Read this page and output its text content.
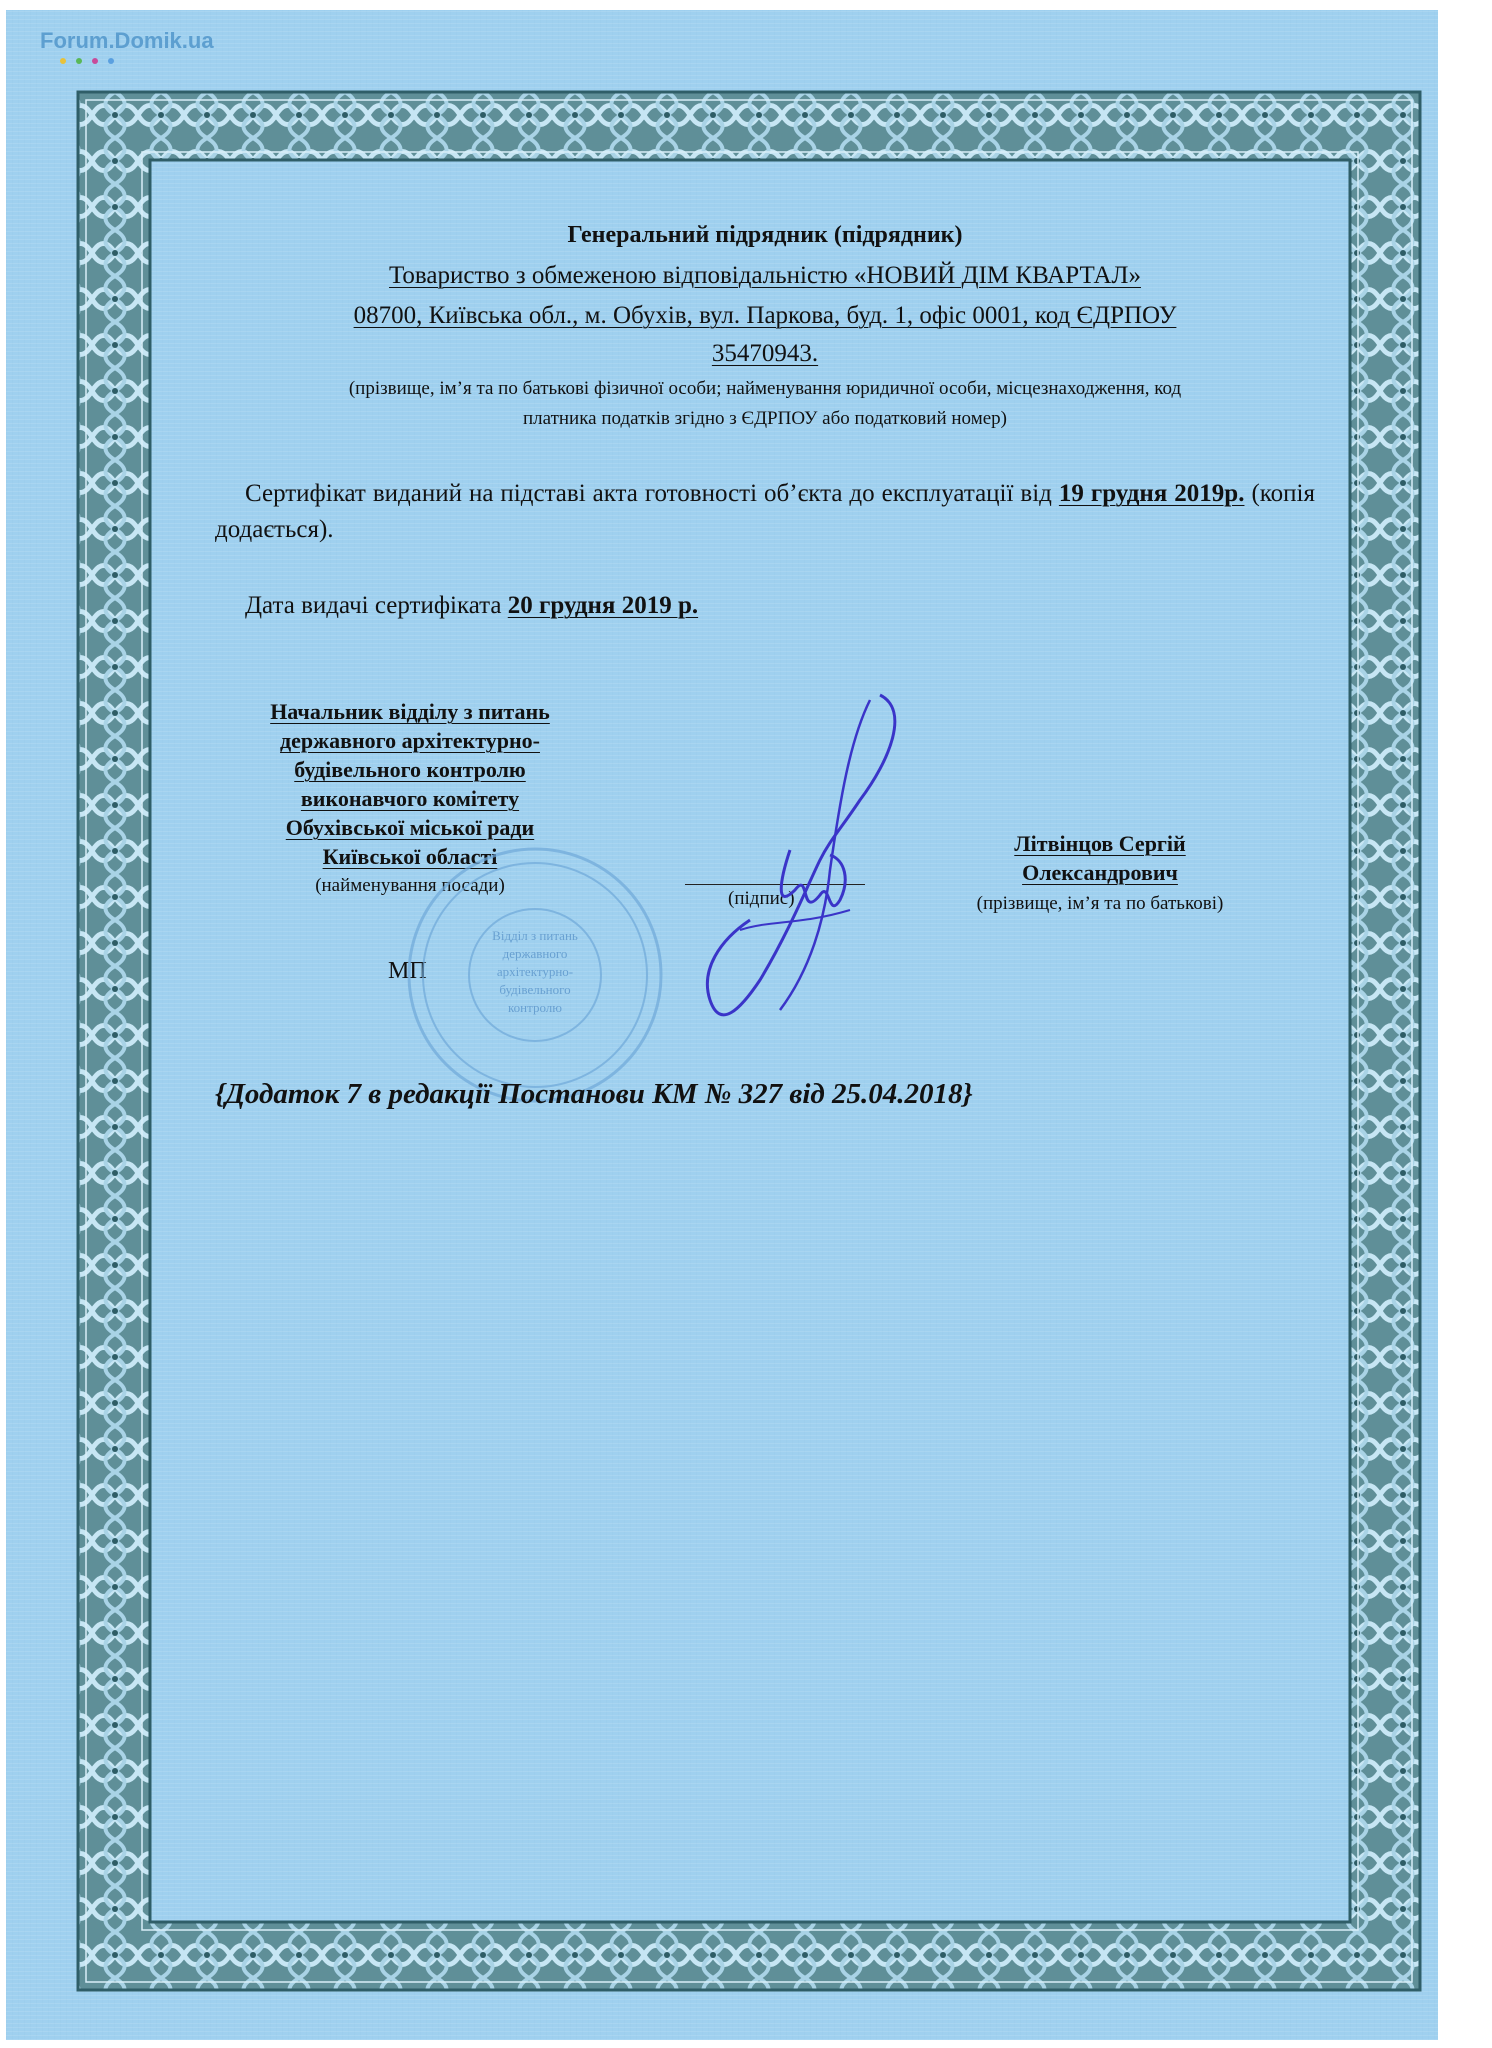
Forum.Domik.ua
Генеральний підрядник (підрядник)
Товариство з обмеженою відповідальністю «НОВИЙ ДІМ КВАРТАЛ»
08700, Київська обл., м. Обухів, вул. Паркова, буд. 1, офіс 0001, код ЄДРПОУ
35470943.
(прізвище, ім’я та по батькові фізичної особи; найменування юридичної особи, місцезнаходження, код
платника податків згідно з ЄДРПОУ або податковий номер)
Сертифікат виданий на підставі акта готовності об’єкта до експлуатації від 19 грудня 2019р. (копія додається).
Дата видачі сертифіката 20 грудня 2019 р.
Начальник відділу з питань
державного архітектурно-
будівельного контролю
виконавчого комітету
Обухівської міської ради
Київської області
(найменування посади)
МП
Відділ з питань
державного
архітектурно-
будівельного
контролю
(підпис)
Літвінцов Сергій
Олександрович
(прізвище, ім’я та по батькові)
{Додаток 7 в редакції Постанови КМ № 327 від 25.04.2018}
